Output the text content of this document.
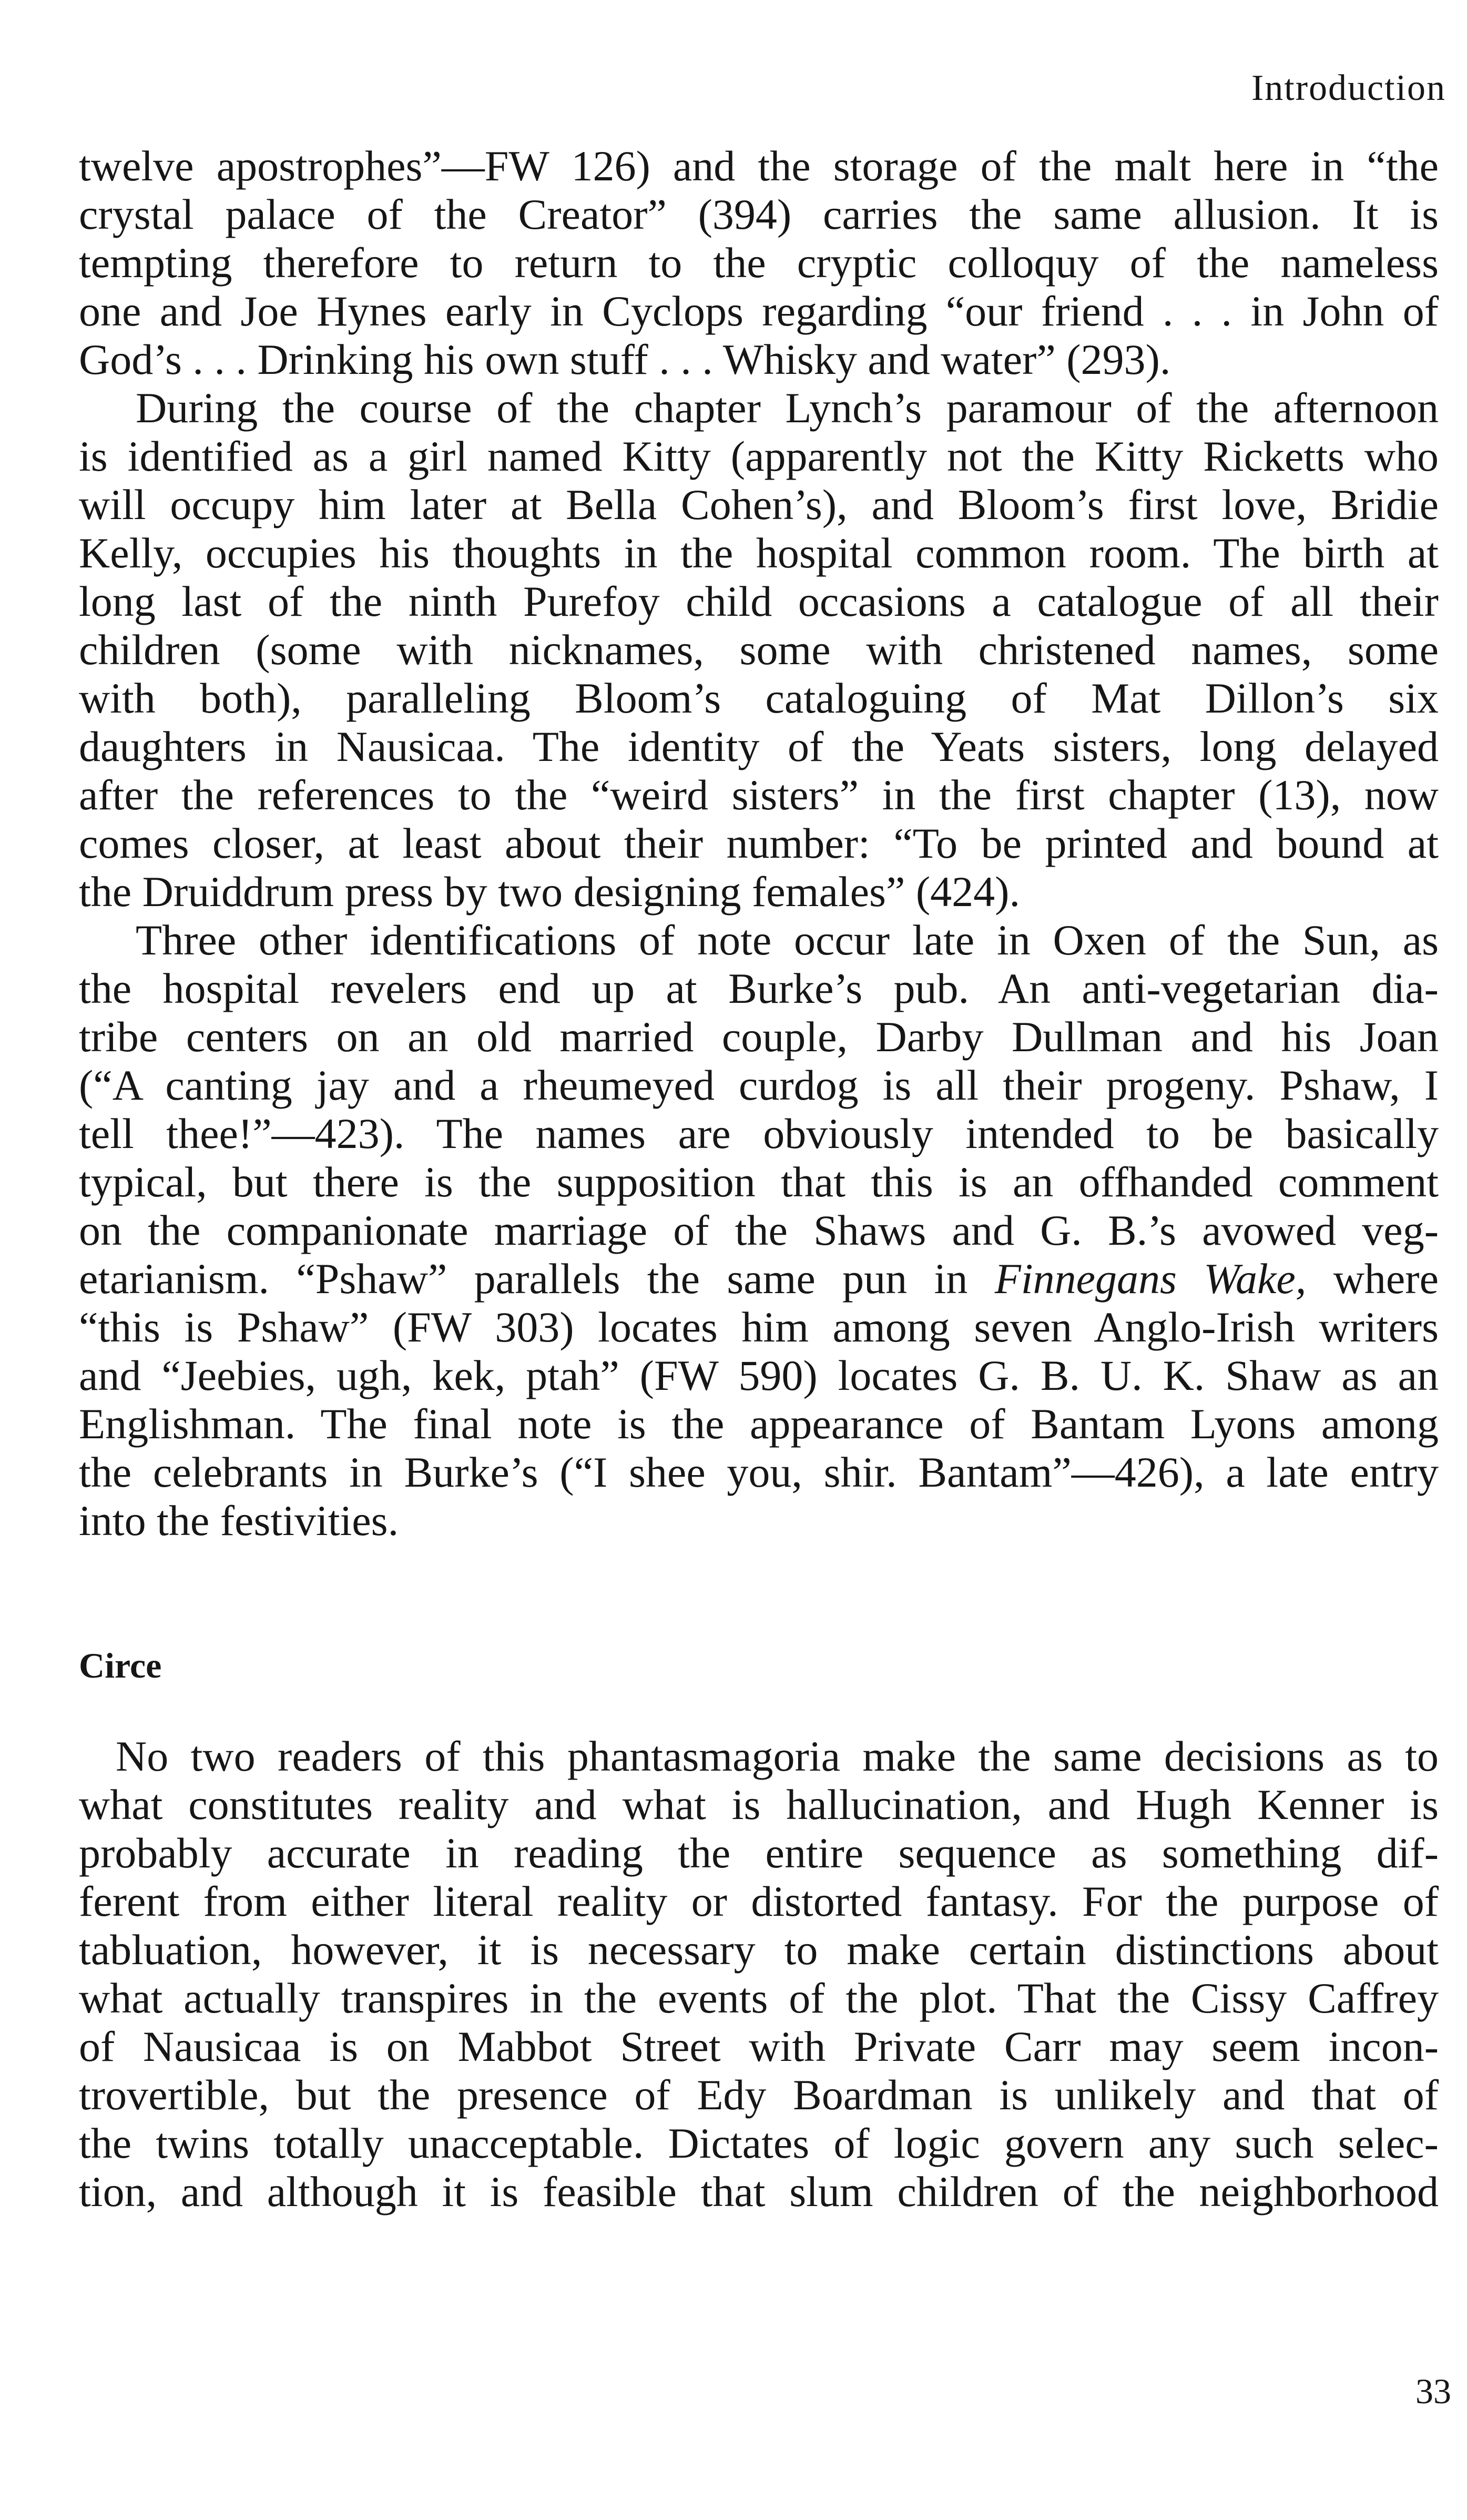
Introduction
twelve apostrophes”—FW 126) and the storage of the malt here in “the
crystal palace of the Creator” (394) carries the same allusion. It is
tempting therefore to return to the cryptic colloquy of the nameless
one and Joe Hynes early in Cyclops regarding “our friend . . . in John of
God’s . . . Drinking his own stuff . . . Whisky and water” (293).
During the course of the chapter Lynch’s paramour of the afternoon
is identified as a girl named Kitty (apparently not the Kitty Ricketts who
will occupy him later at Bella Cohen’s), and Bloom’s first love, Bridie
Kelly, occupies his thoughts in the hospital common room. The birth at
long last of the ninth Purefoy child occasions a catalogue of all their
children (some with nicknames, some with christened names, some
with both), paralleling Bloom’s cataloguing of Mat Dillon’s six
daughters in Nausicaa. The identity of the Yeats sisters, long delayed
after the references to the “weird sisters” in the first chapter (13), now
comes closer, at least about their number: “To be printed and bound at
the Druiddrum press by two designing females” (424).
Three other identifications of note occur late in Oxen of the Sun, as
the hospital revelers end up at Burke’s pub. An anti-vegetarian dia-
tribe centers on an old married couple, Darby Dullman and his Joan
(“A canting jay and a rheumeyed curdog is all their progeny. Pshaw, I
tell thee!”—423). The names are obviously intended to be basically
typical, but there is the supposition that this is an offhanded comment
on the companionate marriage of the Shaws and G. B.’s avowed veg-
etarianism. “Pshaw” parallels the same pun in Finnegans Wake, where
“this is Pshaw” (FW 303) locates him among seven Anglo-Irish writers
and “Jeebies, ugh, kek, ptah” (FW 590) locates G. B. U. K. Shaw as an
Englishman. The final note is the appearance of Bantam Lyons among
the celebrants in Burke’s (“I shee you, shir. Bantam”—426), a late entry
into the festivities.
Circe
No two readers of this phantasmagoria make the same decisions as to
what constitutes reality and what is hallucination, and Hugh Kenner is
probably accurate in reading the entire sequence as something dif-
ferent from either literal reality or distorted fantasy. For the purpose of
tabluation, however, it is necessary to make certain distinctions about
what actually transpires in the events of the plot. That the Cissy Caffrey
of Nausicaa is on Mabbot Street with Private Carr may seem incon-
trovertible, but the presence of Edy Boardman is unlikely and that of
the twins totally unacceptable. Dictates of logic govern any such selec-
tion, and although it is feasible that slum children of the neighborhood
33
